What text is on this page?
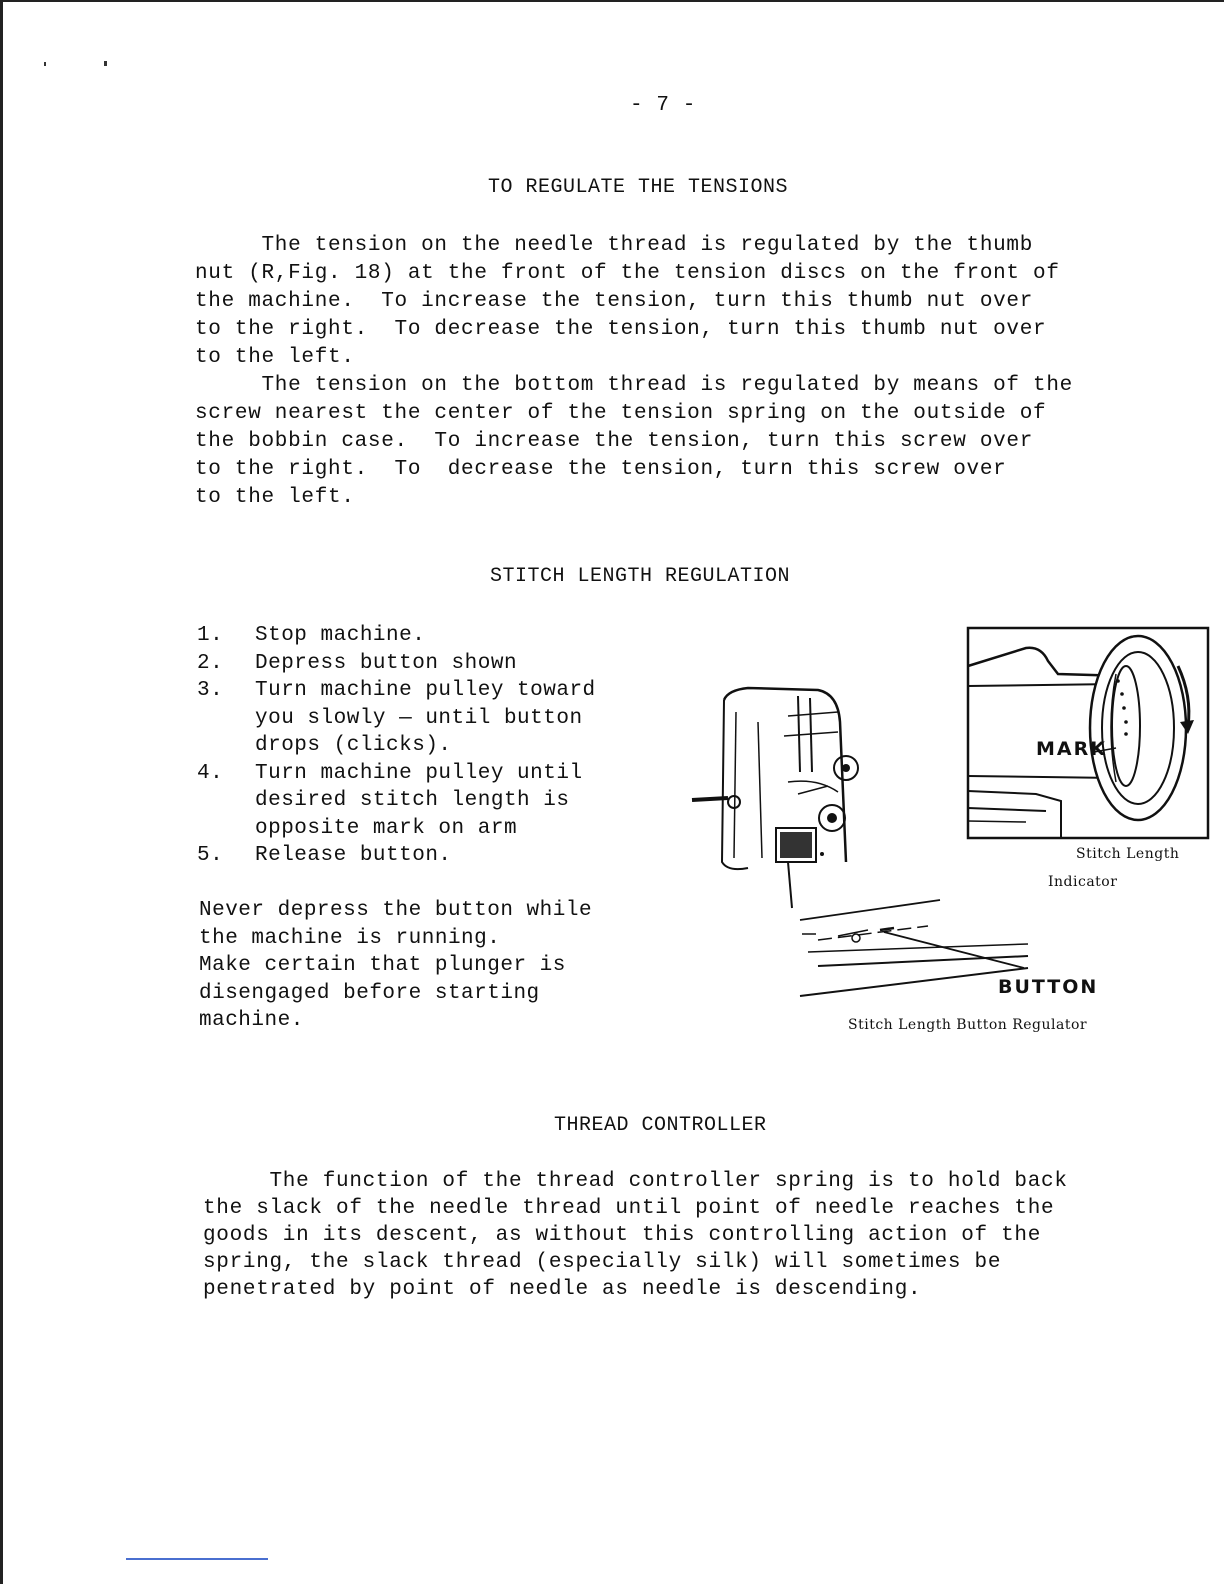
- 7 -
TO REGULATE THE TENSIONS

The tension on the needle thread is regulated by the thumb

nut (R,Fig. 18) at the front of the tension discs on the front of

the machine.  To increase the tension, turn this thumb nut over

to the right.  To decrease the tension, turn this thumb nut over

to the left.

The tension on the bottom thread is regulated by means of the

screw nearest the center of the tension spring on the outside of

the bobbin case.  To increase the tension, turn this screw over

to the right.  To  decrease the tension, turn this screw over

to the left.

STITCH LENGTH REGULATION
1.	Stop machine.
2.	Depress button shown
3.	Turn machine pulley toward
you slowly — until button
drops (clicks).
4.	Turn machine pulley until
desired stitch length is
opposite mark on arm
5.	Release button.
Never depress the button while
the machine is running.
Make certain that plunger is
disengaged before starting
machine.
MARK
Stitch Length
Indicator
BUTTON
Stitch Length Button Regulator
THREAD CONTROLLER

The function of the thread controller spring is to hold back

the slack of the needle thread until point of needle reaches the

goods in its descent, as without this controlling action of the

spring, the slack thread (especially silk) will sometimes be

penetrated by point of needle as needle is descending.
